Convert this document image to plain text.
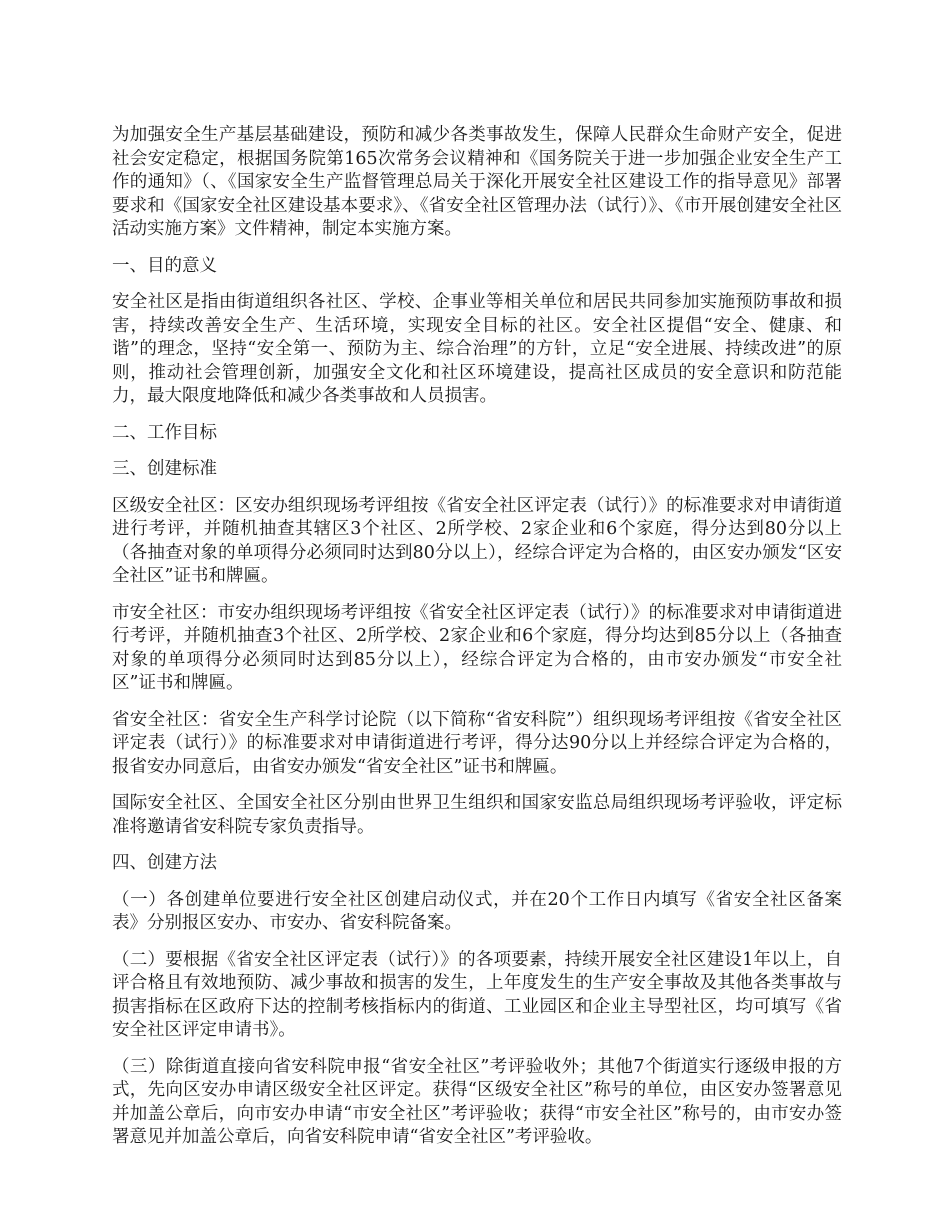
为加强安全生产基层基础建设，预防和减少各类事故发生，保障人民群众生命财产安全，促进社会安定稳定，根据国务院第165次常务会议精神和《国务院关于进一步加强企业安全生产工作的通知》（、《国家安全生产监督管理总局关于深化开展安全社区建设工作的指导意见》部署要求和《国家安全社区建设基本要求》、《省安全社区管理办法（试行）》、《市开展创建安全社区活动实施方案》文件精神，制定本实施方案。

一、目的意义

安全社区是指由街道组织各社区、学校、企事业等相关单位和居民共同参加实施预防事故和损害，持续改善安全生产、生活环境，实现安全目标的社区。安全社区提倡“安全、健康、和谐”的理念，坚持“安全第一、预防为主、综合治理”的方针，立足“安全进展、持续改进”的原则，推动社会管理创新，加强安全文化和社区环境建设，提高社区成员的安全意识和防范能力，最大限度地降低和减少各类事故和人员损害。

二、工作目标

三、创建标准

区级安全社区：区安办组织现场考评组按《省安全社区评定表（试行）》的标准要求对申请街道进行考评，并随机抽查其辖区3个社区、2所学校、2家企业和6个家庭，得分达到80分以上（各抽查对象的单项得分必须同时达到80分以上），经综合评定为合格的，由区安办颁发“区安全社区”证书和牌匾。

市安全社区：市安办组织现场考评组按《省安全社区评定表（试行）》的标准要求对申请街道进行考评，并随机抽查3个社区、2所学校、2家企业和6个家庭，得分均达到85分以上（各抽查对象的单项得分必须同时达到85分以上），经综合评定为合格的，由市安办颁发“市安全社区”证书和牌匾。

省安全社区：省安全生产科学讨论院（以下简称“省安科院”）组织现场考评组按《省安全社区评定表（试行）》的标准要求对申请街道进行考评，得分达90分以上并经综合评定为合格的，报省安办同意后，由省安办颁发“省安全社区”证书和牌匾。

国际安全社区、全国安全社区分别由世界卫生组织和国家安监总局组织现场考评验收，评定标准将邀请省安科院专家负责指导。

四、创建方法

（一）各创建单位要进行安全社区创建启动仪式，并在20个工作日内填写《省安全社区备案表》分别报区安办、市安办、省安科院备案。

（二）要根据《省安全社区评定表（试行）》的各项要素，持续开展安全社区建设1年以上，自评合格且有效地预防、减少事故和损害的发生，上年度发生的生产安全事故及其他各类事故与损害指标在区政府下达的控制考核指标内的街道、工业园区和企业主导型社区，均可填写《省安全社区评定申请书》。

（三）除街道直接向省安科院申报“省安全社区”考评验收外；其他7个街道实行逐级申报的方式，先向区安办申请区级安全社区评定。获得“区级安全社区”称号的单位，由区安办签署意见并加盖公章后，向市安办申请“市安全社区”考评验收；获得“市安全社区”称号的，由市安办签署意见并加盖公章后，向省安科院申请“省安全社区”考评验收。
